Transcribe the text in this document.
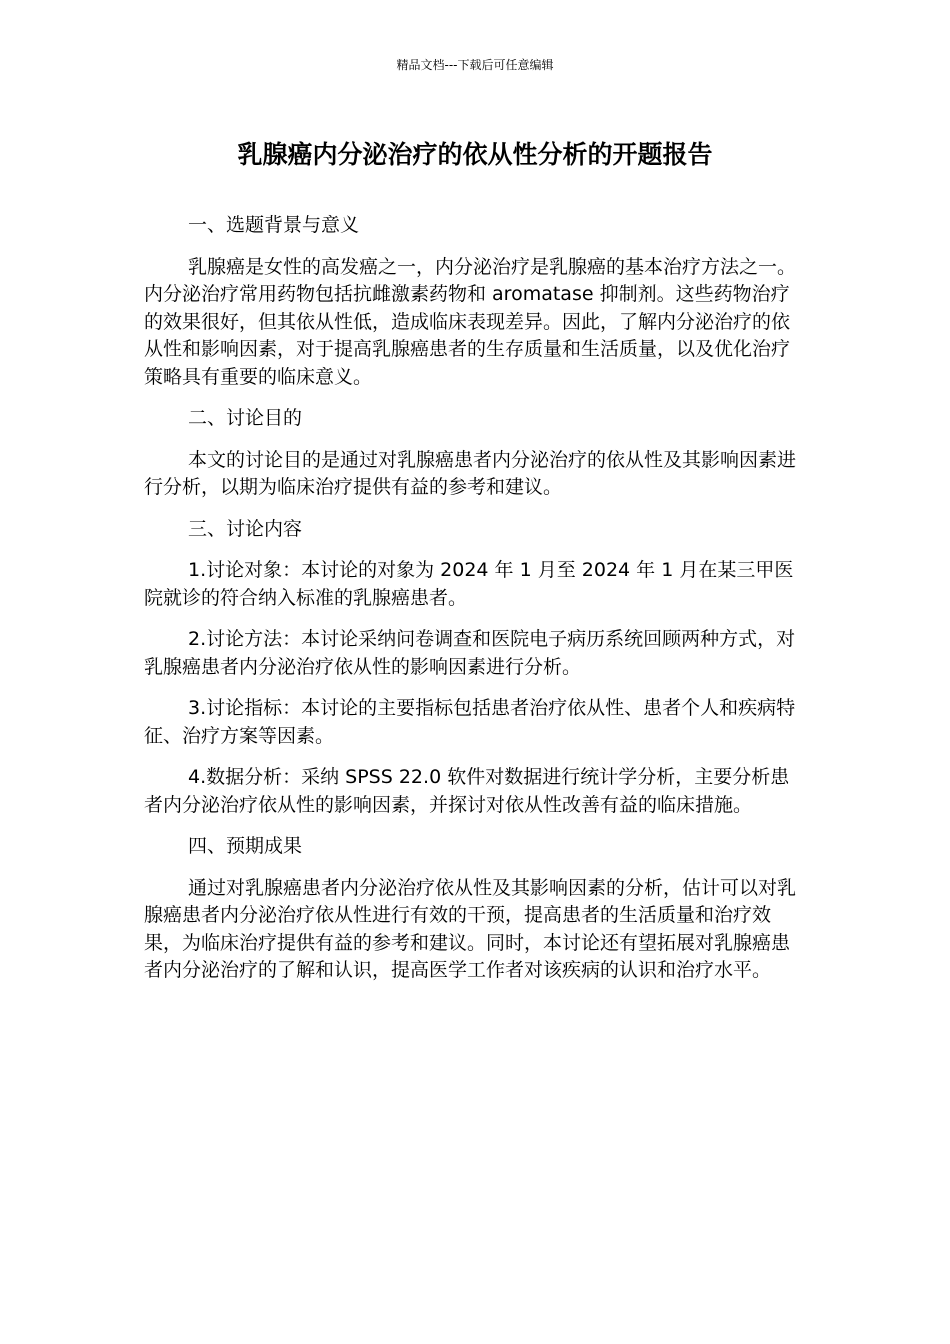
精品文档---下载后可任意编辑
乳腺癌内分泌治疗的依从性分析的开题报告

一、选题背景与意义

乳腺癌是女性的高发癌之一，内分泌治疗是乳腺癌的基本治疗方法之一。内分泌治疗常用药物包括抗雌激素药物和 aromatase 抑制剂。这些药物治疗的效果很好，但其依从性低，造成临床表现差异。因此，了解内分泌治疗的依从性和影响因素，对于提高乳腺癌患者的生存质量和生活质量，以及优化治疗策略具有重要的临床意义。

二、讨论目的

本文的讨论目的是通过对乳腺癌患者内分泌治疗的依从性及其影响因素进行分析，以期为临床治疗提供有益的参考和建议。

三、讨论内容

1.讨论对象：本讨论的对象为 2024 年 1 月至 2024 年 1 月在某三甲医院就诊的符合纳入标准的乳腺癌患者。

2.讨论方法：本讨论采纳问卷调查和医院电子病历系统回顾两种方式，对乳腺癌患者内分泌治疗依从性的影响因素进行分析。

3.讨论指标：本讨论的主要指标包括患者治疗依从性、患者个人和疾病特征、治疗方案等因素。

4.数据分析：采纳 SPSS 22.0 软件对数据进行统计学分析，主要分析患者内分泌治疗依从性的影响因素，并探讨对依从性改善有益的临床措施。

四、预期成果

通过对乳腺癌患者内分泌治疗依从性及其影响因素的分析，估计可以对乳腺癌患者内分泌治疗依从性进行有效的干预，提高患者的生活质量和治疗效果，为临床治疗提供有益的参考和建议。同时，本讨论还有望拓展对乳腺癌患者内分泌治疗的了解和认识，提高医学工作者对该疾病的认识和治疗水平。
